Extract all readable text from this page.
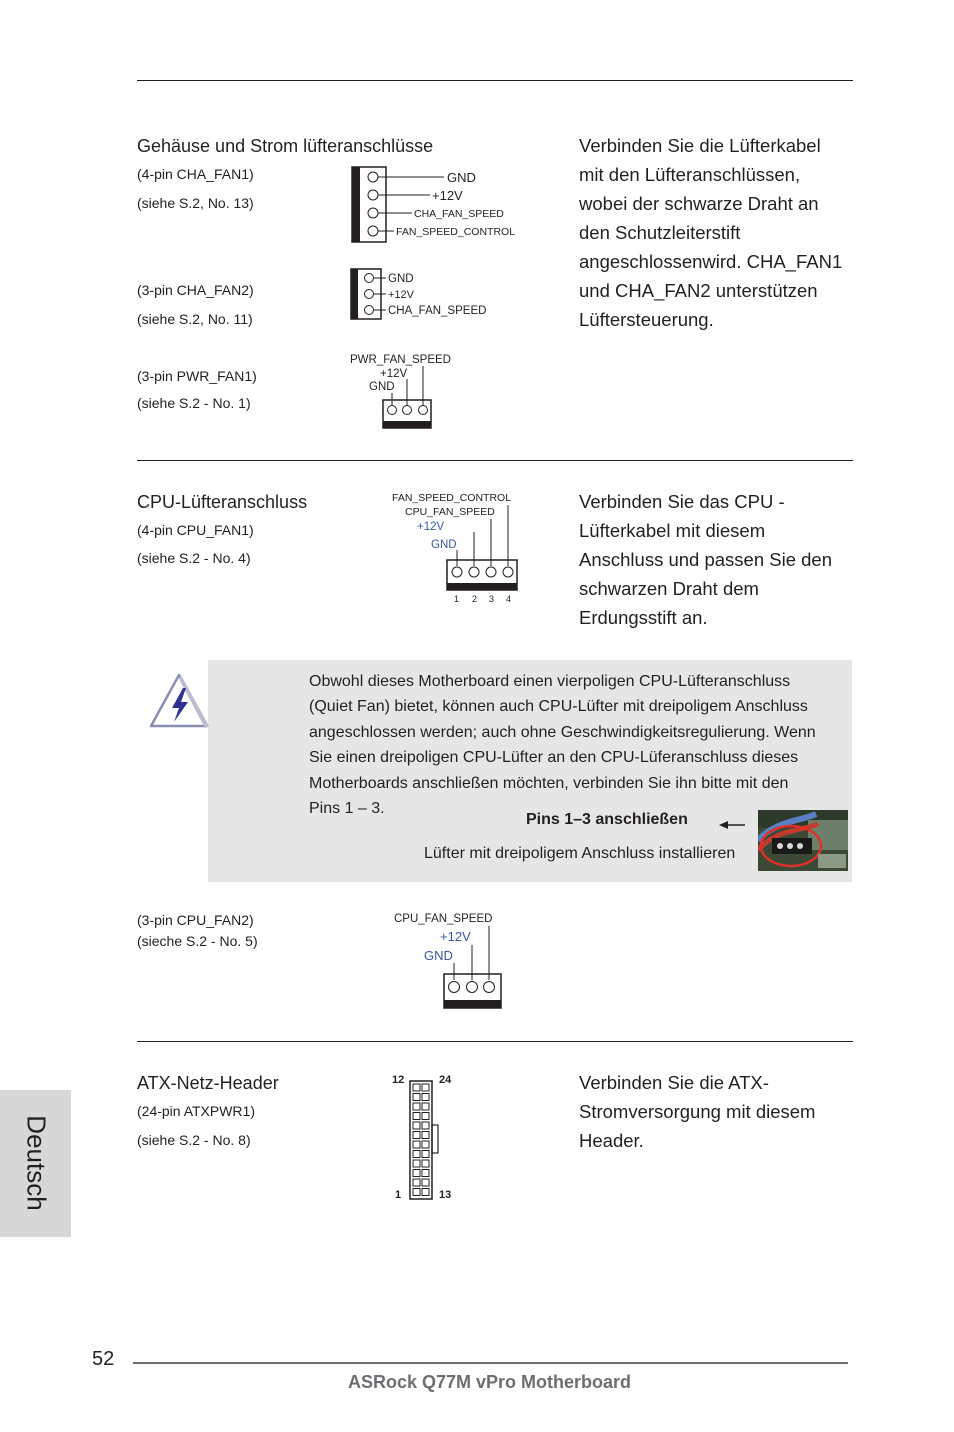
Gehäuse und Strom lüfteranschlüsse	Verbinden Sie die Lüfterkabel
mit den Lüfteranschlüssen,
wobei der schwarze Draht an
den Schutzleiterstift
angeschlossenwird. CHA_FAN1
und CHA_FAN2 unterstützen
Lüftersteuerung.
(4-pin CHA_FAN1)
(siehe S.2, No. 13)
GND
+12V
CHA_FAN_SPEED
FAN_SPEED_CONTROL
(3-pin CHA_FAN2)
(siehe S.2, No. 11)
GND
+12V
CHA_FAN_SPEED
(3-pin PWR_FAN1)
(siehe S.2 - No. 1)
PWR_FAN_SPEED
+12V
GND
CPU-Lüfteranschluss
(4-pin CPU_FAN1)
(siehe S.2 - No. 4)
Verbinden Sie das CPU -
Lüfterkabel mit diesem
Anschluss und passen Sie den
schwarzen Draht dem
Erdungsstift an.
FAN_SPEED_CONTROL
CPU_FAN_SPEED
+12V
GND
1 2 3 4
Obwohl dieses Motherboard einen vierpoligen CPU-Lüfteranschluss
(Quiet Fan) bietet, können auch CPU-Lüfter mit dreipoligem Anschluss
angeschlossen werden; auch ohne Geschwindigkeitsregulierung. Wenn
Sie einen dreipoligen CPU-Lüfter an den CPU-Lüferanschluss dieses
Motherboards anschließen möchten, verbinden Sie ihn bitte mit den
Pins 1 – 3.
Pins 1–3 anschließen
Lüfter mit dreipoligem Anschluss installieren
(3-pin CPU_FAN2)
(sieche S.2 - No. 5)
CPU_FAN_SPEED
+12V
GND
ATX-Netz-Header
(24-pin ATXPWR1)
(siehe S.2 - No. 8)
Verbinden Sie die ATX-
Stromversorgung mit diesem
Header.
12	24
1	13
Deutsch
52
ASRock Q77M vPro Motherboard
